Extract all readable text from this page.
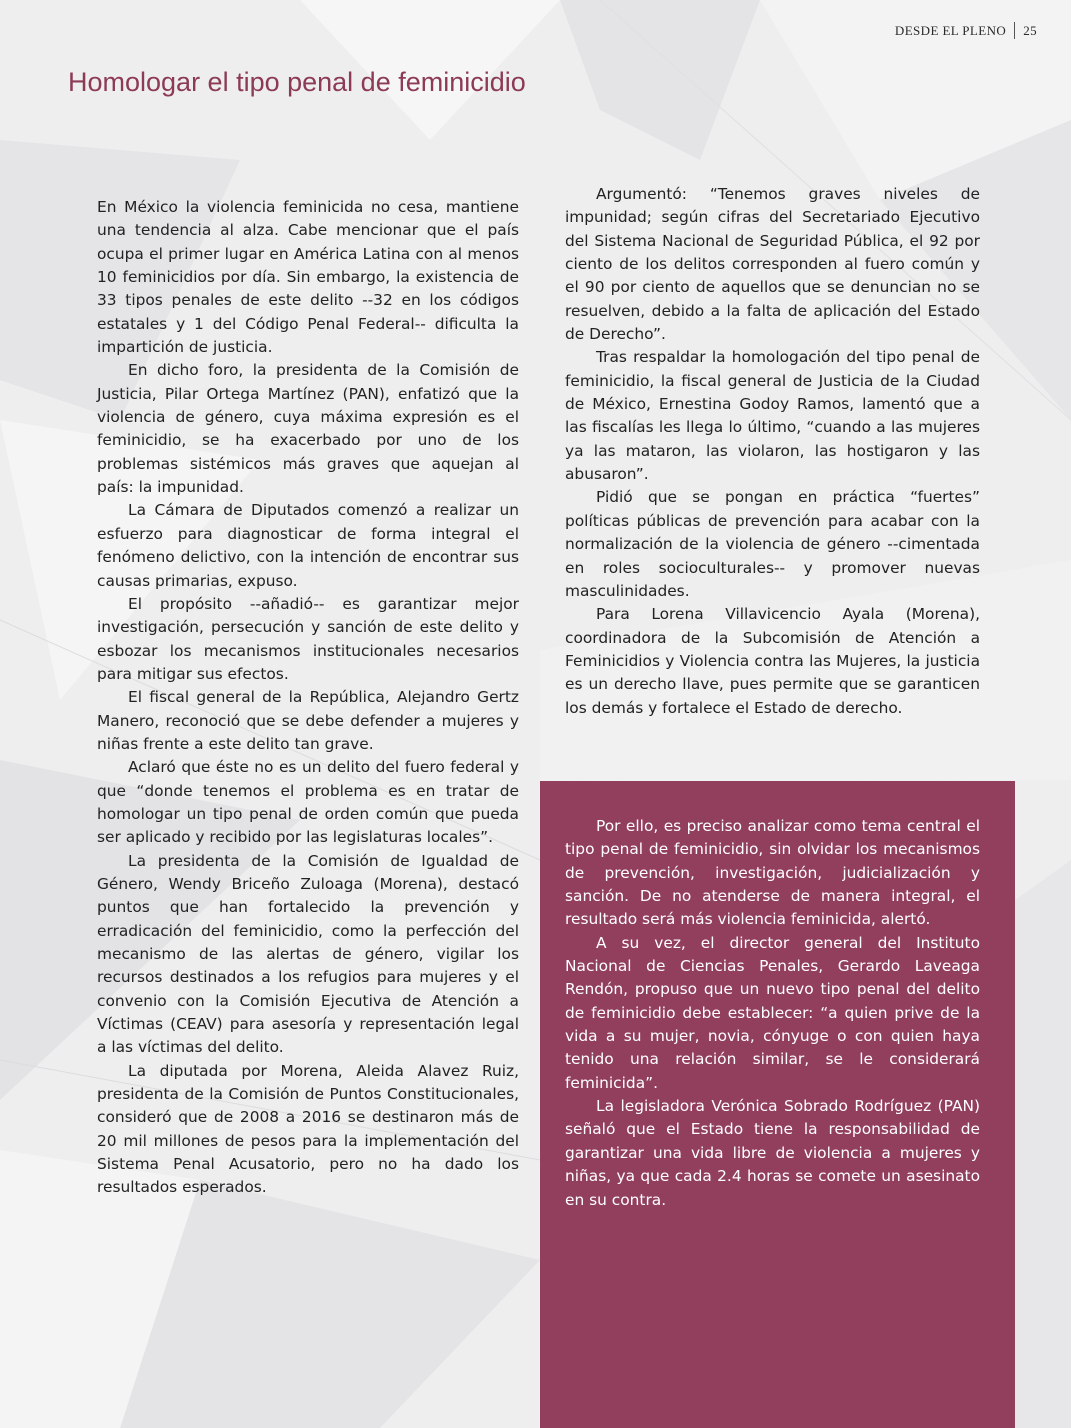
DESDE EL PLENO 25
Homologar el tipo penal de feminicidio

En México la violencia feminicida no cesa, mantiene una tendencia al alza. Cabe mencionar que el país ocupa el primer lugar en América Latina con al menos 10 feminicidios por día. Sin embargo, la existencia de 33 tipos penales de este delito --32 en los códigos estatales y 1 del Código Penal Federal-- dificulta la impartición de justicia.

En dicho foro, la presidenta de la Comisión de Justicia, Pilar Ortega Martínez (PAN), enfatizó que la violencia de género, cuya máxima expresión es el feminicidio, se ha exacerbado por uno de los problemas sistémicos más graves que aquejan al país: la impunidad.

La Cámara de Diputados comenzó a realizar un esfuerzo para diagnosticar de forma integral el fenómeno delictivo, con la intención de encontrar sus causas primarias, expuso.

El propósito --añadió-- es garantizar mejor investigación, persecución y sanción de este delito y esbozar los mecanismos institucionales necesarios para mitigar sus efectos.

El fiscal general de la República, Alejandro Gertz Manero, reconoció que se debe defender a mujeres y niñas frente a este delito tan grave.

Aclaró que éste no es un delito del fuero federal y que “donde tenemos el problema es en tratar de homologar un tipo penal de orden común que pueda ser aplicado y recibido por las legislaturas locales”.

La presidenta de la Comisión de Igualdad de Género, Wendy Briceño Zuloaga (Morena), destacó puntos que han fortalecido la prevención y erradicación del feminicidio, como la perfección del mecanismo de las alertas de género, vigilar los recursos destinados a los refugios para mujeres y el convenio con la Comisión Ejecutiva de Atención a Víctimas (CEAV) para asesoría y representación legal a las víctimas del delito.

La diputada por Morena, Aleida Alavez Ruiz, presidenta de la Comisión de Puntos Constitucionales, consideró que de 2008 a 2016 se destinaron más de 20 mil millones de pesos para la implementación del Sistema Penal Acusatorio, pero no ha dado los resultados esperados.

Argumentó: “Tenemos graves niveles de impunidad; según cifras del Secretariado Ejecutivo del Sistema Nacional de Seguridad Pública, el 92 por ciento de los delitos corresponden al fuero común y el 90 por ciento de aquellos que se denuncian no se resuelven, debido a la falta de aplicación del Estado de Derecho”.

Tras respaldar la homologación del tipo penal de feminicidio, la fiscal general de Justicia de la Ciudad de México, Ernestina Godoy Ramos, lamentó que a las fiscalías les llega lo último, “cuando a las mujeres ya las mataron, las violaron, las hostigaron y las abusaron”.

Pidió que se pongan en práctica “fuertes” políticas públicas de prevención para acabar con la normalización de la violencia de género --cimentada en roles socioculturales-- y promover nuevas masculinidades.

Para Lorena Villavicencio Ayala (Morena), coordinadora de la Subcomisión de Atención a Feminicidios y Violencia contra las Mujeres, la justicia es un derecho llave, pues permite que se garanticen los demás y fortalece el Estado de derecho.

Por ello, es preciso analizar como tema central el tipo penal de feminicidio, sin olvidar los mecanismos de prevención, investigación, judicialización y sanción. De no atenderse de manera integral, el resultado será más violencia feminicida, alertó.

A su vez, el director general del Instituto Nacional de Ciencias Penales, Gerardo Laveaga Rendón, propuso que un nuevo tipo penal del delito de feminicidio debe establecer: “a quien prive de la vida a su mujer, novia, cónyuge o con quien haya tenido una relación similar, se le considerará feminicida”.

La legisladora Verónica Sobrado Rodríguez (PAN) señaló que el Estado tiene la responsabilidad de garantizar una vida libre de violencia a mujeres y niñas, ya que cada 2.4 horas se comete un asesinato en su contra.
